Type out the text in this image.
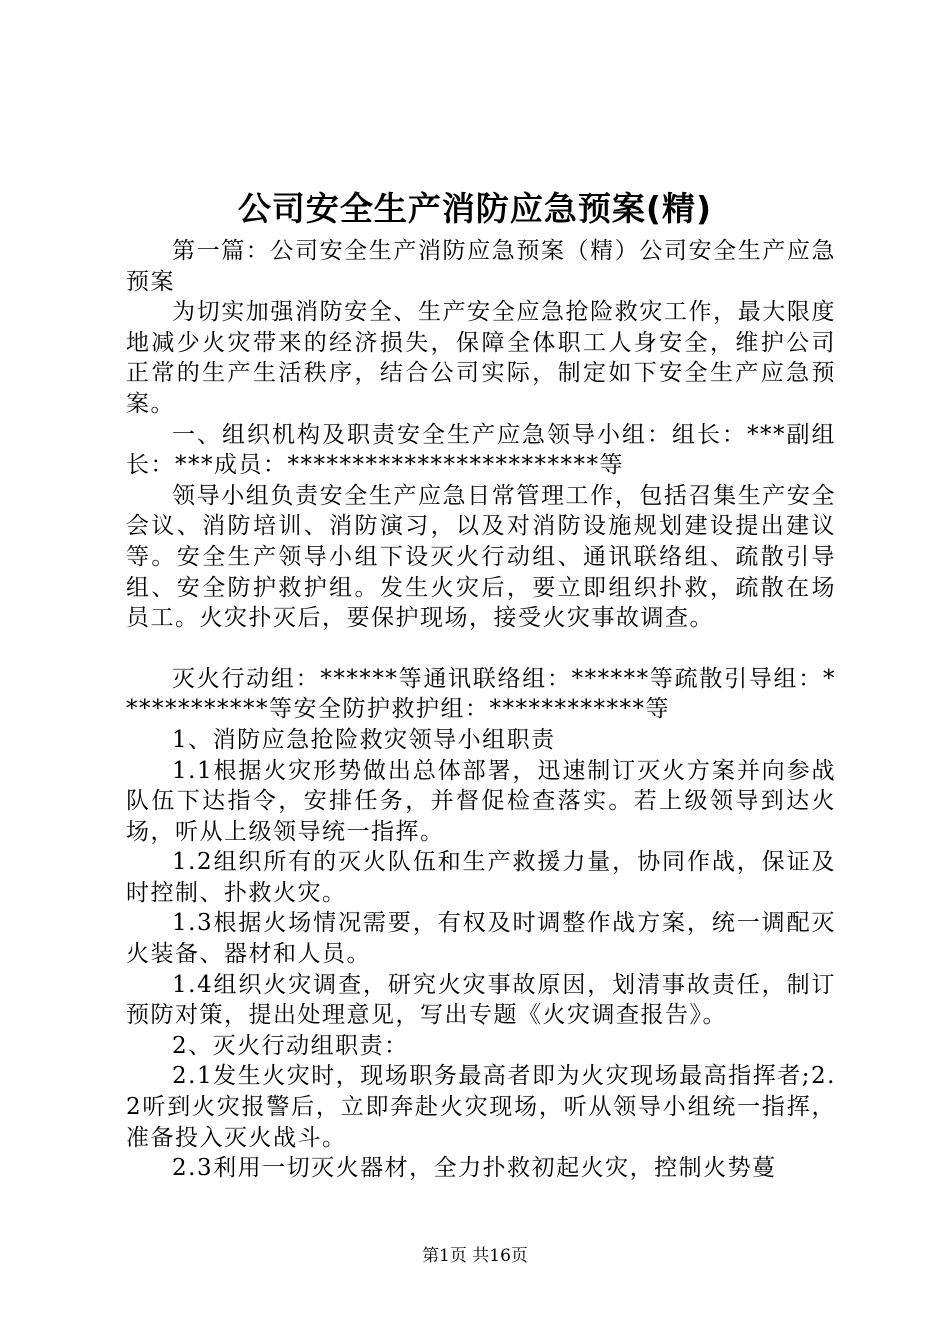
公司安全生产消防应急预案(精)

第一篇：公司安全生产消防应急预案（精）公司安全生产应急预案

为切实加强消防安全、生产安全应急抢险救灾工作，最大限度地减少火灾带来的经济损失，保障全体职工人身安全，维护公司正常的生产生活秩序，结合公司实际，制定如下安全生产应急预案。

一、组织机构及职责安全生产应急领导小组：组长：***副组长：***成员：************************等

领导小组负责安全生产应急日常管理工作，包括召集生产安全会议、消防培训、消防演习，以及对消防设施规划建设提出建议等。安全生产领导小组下设灭火行动组、通讯联络组、疏散引导组、安全防护救护组。发生火灾后，要立即组织扑救，疏散在场员工。火灾扑灭后，要保护现场，接受火灾事故调查。

灭火行动组：******等通讯联络组：******等疏散引导组：************等安全防护救护组：************等

1、消防应急抢险救灾领导小组职责

1.1根据火灾形势做出总体部署，迅速制订灭火方案并向参战队伍下达指令，安排任务，并督促检查落实。若上级领导到达火场，听从上级领导统一指挥。

1.2组织所有的灭火队伍和生产救援力量，协同作战，保证及时控制、扑救火灾。

1.3根据火场情况需要，有权及时调整作战方案，统一调配灭火装备、器材和人员。

1.4组织火灾调查，研究火灾事故原因，划清事故责任，制订预防对策，提出处理意见，写出专题《火灾调查报告》。

2、灭火行动组职责：

2.1发生火灾时，现场职务最高者即为火灾现场最高指挥者;2.2听到火灾报警后，立即奔赴火灾现场，听从领导小组统一指挥，准备投入灭火战斗。

2.3利用一切灭火器材，全力扑救初起火灾，控制火势蔓

第1页 共16页
